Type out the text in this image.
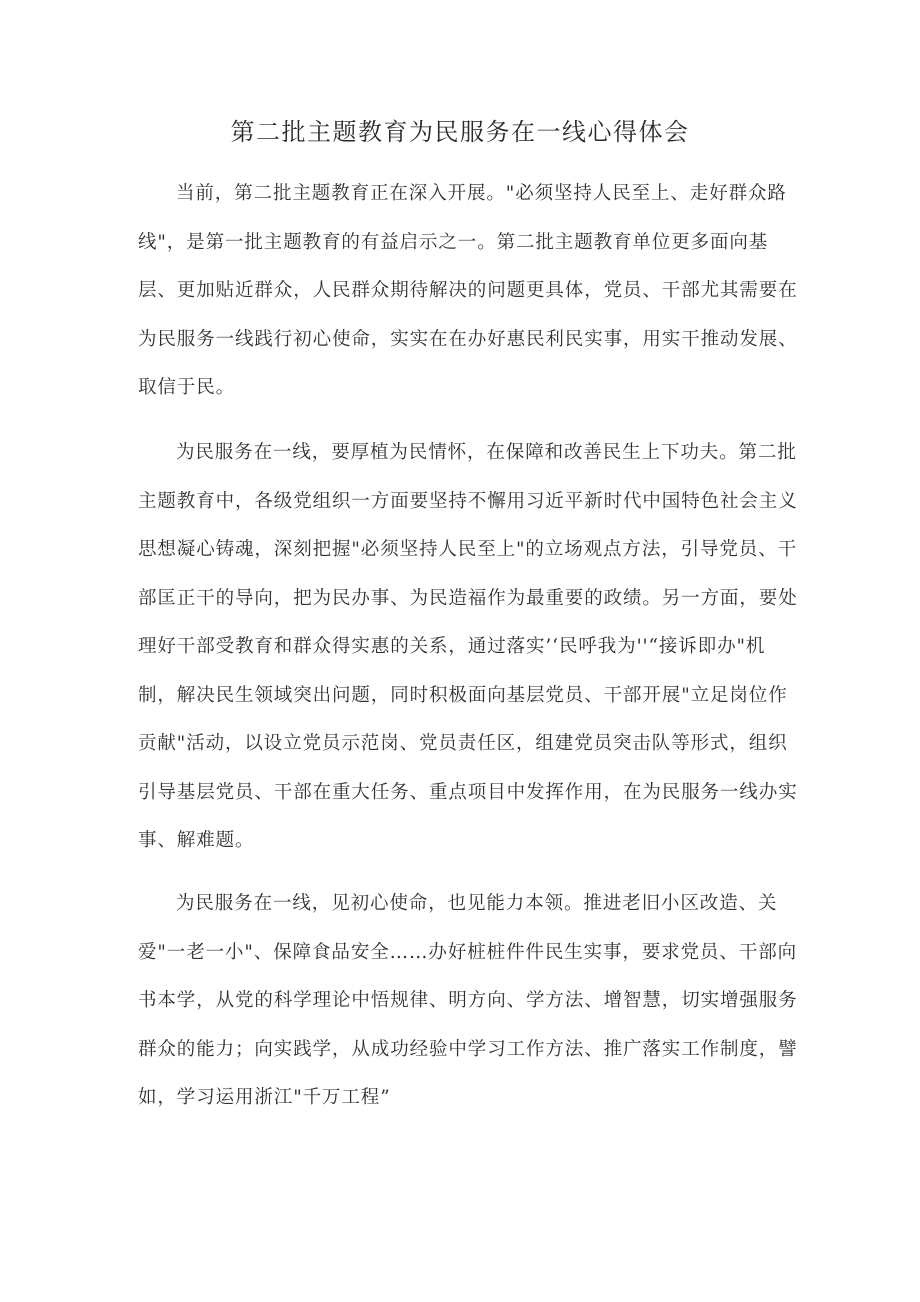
第二批主题教育为民服务在一线心得体会

当前，第二批主题教育正在深入开展。"必须坚持人民至上、走好群众路线"，是第一批主题教育的有益启示之一。第二批主题教育单位更多面向基层、更加贴近群众，人民群众期待解决的问题更具体，党员、干部尤其需要在为民服务一线践行初心使命，实实在在办好惠民利民实事，用实干推动发展、取信于民。

为民服务在一线，要厚植为民情怀，在保障和改善民生上下功夫。第二批主题教育中，各级党组织一方面要坚持不懈用习近平新时代中国特色社会主义思想凝心铸魂，深刻把握"必须坚持人民至上"的立场观点方法，引导党员、干部匡正干的导向，把为民办事、为民造福作为最重要的政绩。另一方面，要处理好干部受教育和群众得实惠的关系，通过落实’‘民呼我为''“接诉即办"机制，解决民生领域突出问题，同时积极面向基层党员、干部开展"立足岗位作贡献"活动，以设立党员示范岗、党员责任区，组建党员突击队等形式，组织引导基层党员、干部在重大任务、重点项目中发挥作用，在为民服务一线办实事、解难题。

为民服务在一线，见初心使命，也见能力本领。推进老旧小区改造、关爱"一老一小"、保障食品安全……办好桩桩件件民生实事，要求党员、干部向书本学，从党的科学理论中悟规律、明方向、学方法、增智慧，切实增强服务群众的能力；向实践学，从成功经验中学习工作方法、推广落实工作制度，譬如，学习运用浙江"千万工程”
